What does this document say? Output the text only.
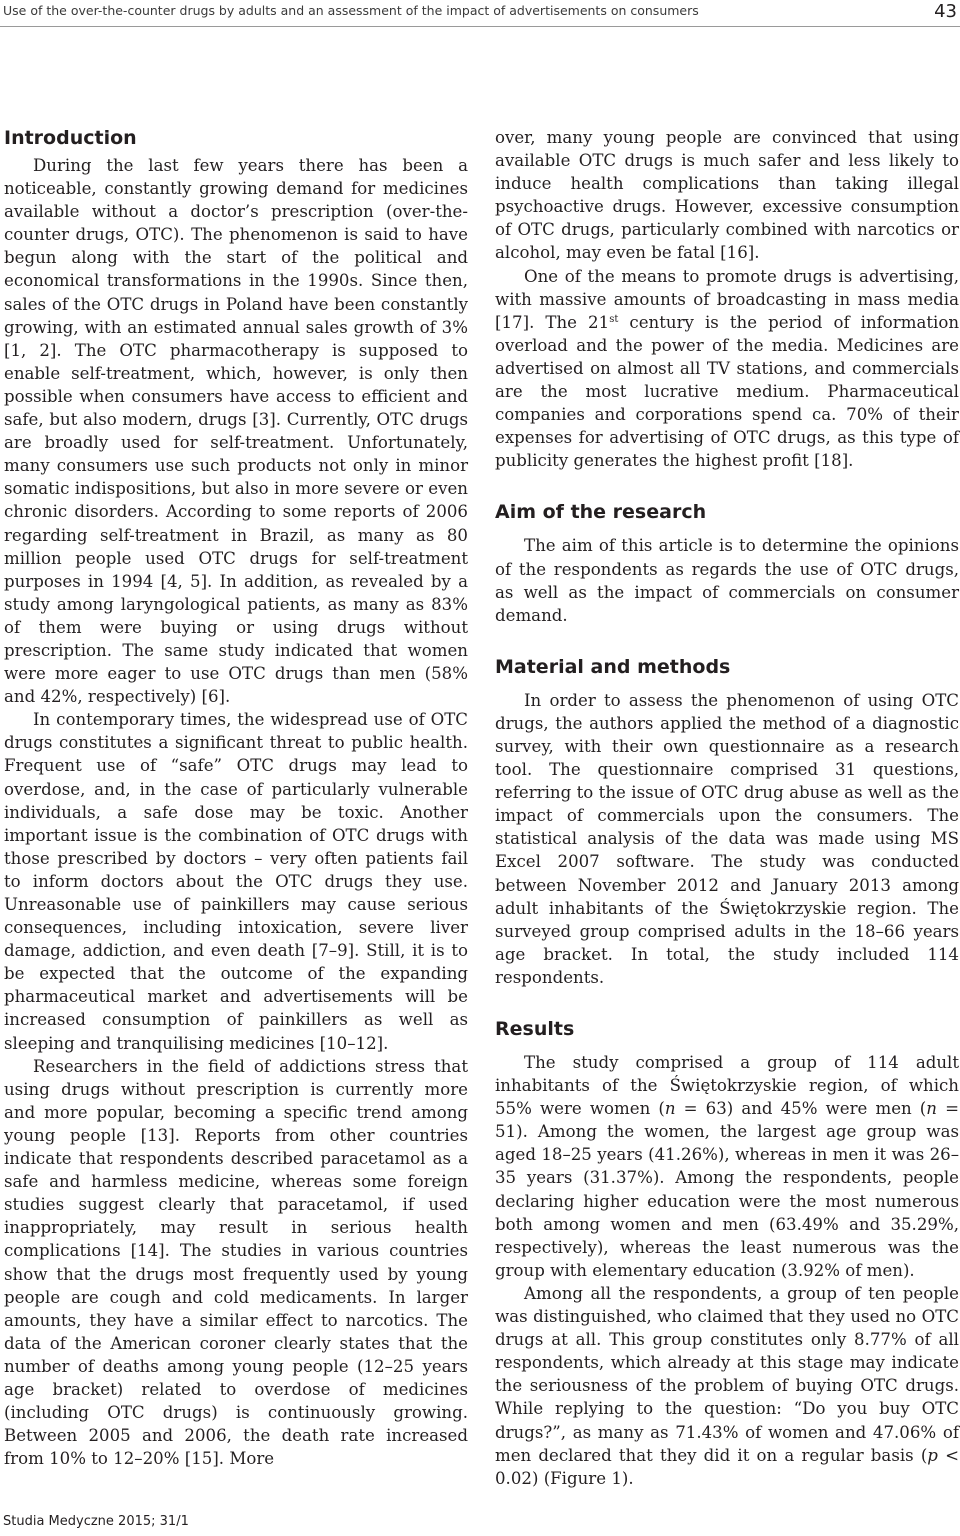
Use of the over-the-counter drugs by adults and an assessment of the impact of advertisements on consumers	43
Introduction

During the last few years there has been a noticeable, constantly growing demand for medicines available without a doctor’s prescription (over-the-counter drugs, OTC). The phenomenon is said to have begun along with the start of the political and economical transformations in the 1990s. Since then, sales of the OTC drugs in Poland have been constantly growing, with an estimated annual sales growth of 3% [1, 2]. The OTC pharmacotherapy is supposed to enable self-treatment, which, however, is only then possible when consumers have access to efficient and safe, but also modern, drugs [3]. Currently, OTC drugs are broadly used for self-treatment. Unfortunately, many consumers use such products not only in minor somatic indispositions, but also in more severe or even chronic disorders. According to some reports of 2006 regarding self-treatment in Brazil, as many as 80 million people used OTC drugs for self-treatment purposes in 1994 [4, 5]. In addition, as revealed by a study among laryngological patients, as many as 83% of them were buying or using drugs without prescription. The same study indicated that women were more eager to use OTC drugs than men (58% and 42%, respectively) [6].

In contemporary times, the widespread use of OTC drugs constitutes a significant threat to public health. Frequent use of “safe” OTC drugs may lead to overdose, and, in the case of particularly vulnerable individuals, a safe dose may be toxic. Another important issue is the combination of OTC drugs with those prescribed by doctors – very often patients fail to inform doctors about the OTC drugs they use. Unreasonable use of painkillers may cause serious consequences, including intoxication, severe liver damage, addiction, and even death [7–9]. Still, it is to be expected that the outcome of the expanding pharmaceutical market and advertisements will be increased consumption of painkillers as well as sleeping and tranquilising medicines [10–12].

Researchers in the field of addictions stress that using drugs without prescription is currently more and more popular, becoming a specific trend among young people [13]. Reports from other countries indicate that respondents described paracetamol as a safe and harmless medicine, whereas some foreign studies suggest clearly that paracetamol, if used inappropriately, may result in serious health complications [14]. The studies in various countries show that the drugs most frequently used by young people are cough and cold medicaments. In larger amounts, they have a similar effect to narcotics. The data of the American coroner clearly states that the number of deaths among young people (12–25 years age bracket) related to overdose of medicines (including OTC drugs) is continuously growing. Between 2005 and 2006, the death rate increased from 10% to 12–20% [15]. More

over, many young people are convinced that using available OTC drugs is much safer and less likely to induce health complications than taking illegal psychoactive drugs. However, excessive consumption of OTC drugs, particularly combined with narcotics or alcohol, may even be fatal [16].

One of the means to promote drugs is advertising, with massive amounts of broadcasting in mass media [17]. The 21st century is the period of information overload and the power of the media. Medicines are advertised on almost all TV stations, and commercials are the most lucrative medium. Pharmaceutical companies and corporations spend ca. 70% of their expenses for advertising of OTC drugs, as this type of publicity generates the highest profit [18].

Aim of the research

The aim of this article is to determine the opinions of the respondents as regards the use of OTC drugs, as well as the impact of commercials on consumer demand.

Material and methods

In order to assess the phenomenon of using OTC drugs, the authors applied the method of a diagnostic survey, with their own questionnaire as a research tool. The questionnaire comprised 31 questions, referring to the issue of OTC drug abuse as well as the impact of commercials upon the consumers. The statistical analysis of the data was made using MS Excel 2007 software. The study was conducted between November 2012 and January 2013 among adult inhabitants of the Świętokrzyskie region. The surveyed group comprised adults in the 18–66 years age bracket. In total, the study included 114 respondents.

Results

The study comprised a group of 114 adult inhabitants of the Świętokrzyskie region, of which 55% were women (n = 63) and 45% were men (n = 51). Among the women, the largest age group was aged 18–25 years (41.26%), whereas in men it was 26–35 years (31.37%). Among the respondents, people declaring higher education were the most numerous both among women and men (63.49% and 35.29%, respectively), whereas the least numerous was the group with elementary education (3.92% of men).

Among all the respondents, a group of ten people was distinguished, who claimed that they used no OTC drugs at all. This group constitutes only 8.77% of all respondents, which already at this stage may indicate the seriousness of the problem of buying OTC drugs. While replying to the question: “Do you buy OTC drugs?”, as many as 71.43% of women and 47.06% of men declared that they did it on a regular basis (p < 0.02) (Figure 1).

Studia Medyczne 2015; 31/1
